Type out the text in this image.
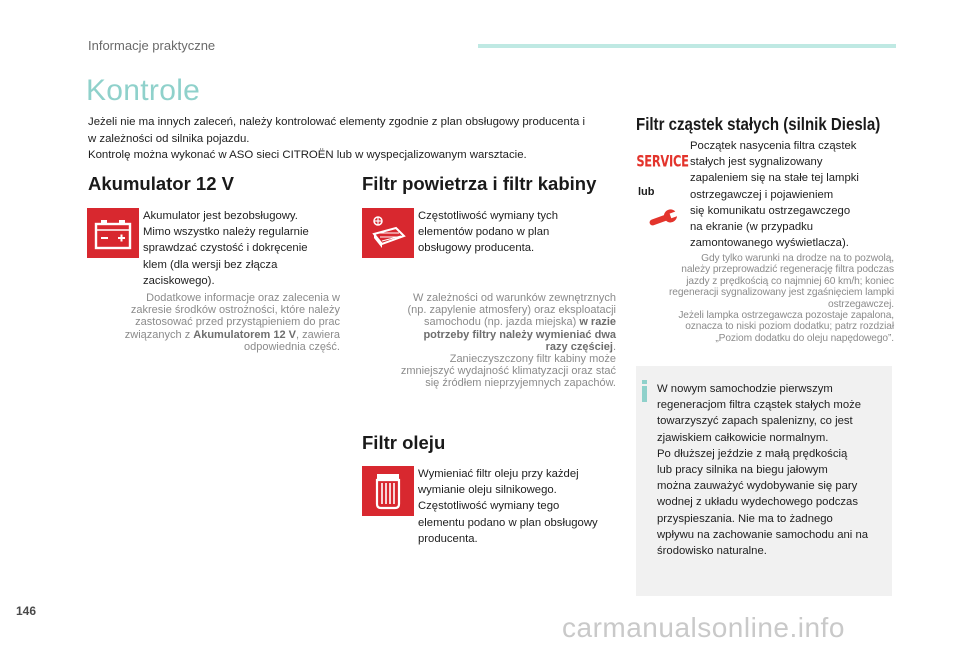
Informacje praktyczne
Kontrole
Jeżeli nie ma innych zaleceń, należy kontrolować elementy zgodnie z plan obsługowy producenta i
w zależności od silnika pojazdu.
Kontrolę można wykonać w ASO sieci CITROËN lub w wyspecjalizowanym warsztacie.
Akumulator 12 V
Akumulator jest bezobsługowy.
Mimo wszystko należy regularnie
sprawdzać czystość i dokręcenie
klem (dla wersji bez złącza
zaciskowego).
Dodatkowe informacje oraz zalecenia w
zakresie środków ostrożności, które należy
zastosować przed przystąpieniem do prac
związanych z Akumulatorem 12 V, zawiera
odpowiednia część.
Filtr powietrza i filtr kabiny
Częstotliwość wymiany tych
elementów podano w plan
obsługowy producenta.
W zależności od warunków zewnętrznych
(np. zapylenie atmosfery) oraz eksploatacji
samochodu (np. jazda miejska) w razie
potrzeby filtry należy wymieniać dwa
razy częściej.
Zanieczyszczony filtr kabiny może
zmniejszyć wydajność klimatyzacji oraz stać
się źródłem nieprzyjemnych zapachów.
Filtr oleju
Wymieniać filtr oleju przy każdej
wymianie oleju silnikowego.
Częstotliwość wymiany tego
elementu podano w plan obsługowy
producenta.
Filtr cząstek stałych (silnik Diesla)
SERVICE
lub
Początek nasycenia filtra cząstek
stałych jest sygnalizowany
zapaleniem się na stałe tej lampki
ostrzegawczej i pojawieniem
się komunikatu ostrzegawczego
na ekranie (w przypadku
zamontowanego wyświetlacza).
Gdy tylko warunki na drodze na to pozwolą,
należy przeprowadzić regenerację filtra podczas
jazdy z prędkością co najmniej 60 km/h; koniec
regeneracji sygnalizowany jest zgaśnięciem lampki
ostrzegawczej.
Jeżeli lampka ostrzegawcza pozostaje zapalona,
oznacza to niski poziom dodatku; patrz rozdział
„Poziom dodatku do oleju napędowego”.
W nowym samochodzie pierwszym
regeneracjom filtra cząstek stałych może
towarzyszyć zapach spalenizny, co jest
zjawiskiem całkowicie normalnym.
Po dłuższej jeździe z małą prędkością
lub pracy silnika na biegu jałowym
można zauważyć wydobywanie się pary
wodnej z układu wydechowego podczas
przyspieszania. Nie ma to żadnego
wpływu na zachowanie samochodu ani na
środowisko naturalne.
146
carmanualsonline.info
